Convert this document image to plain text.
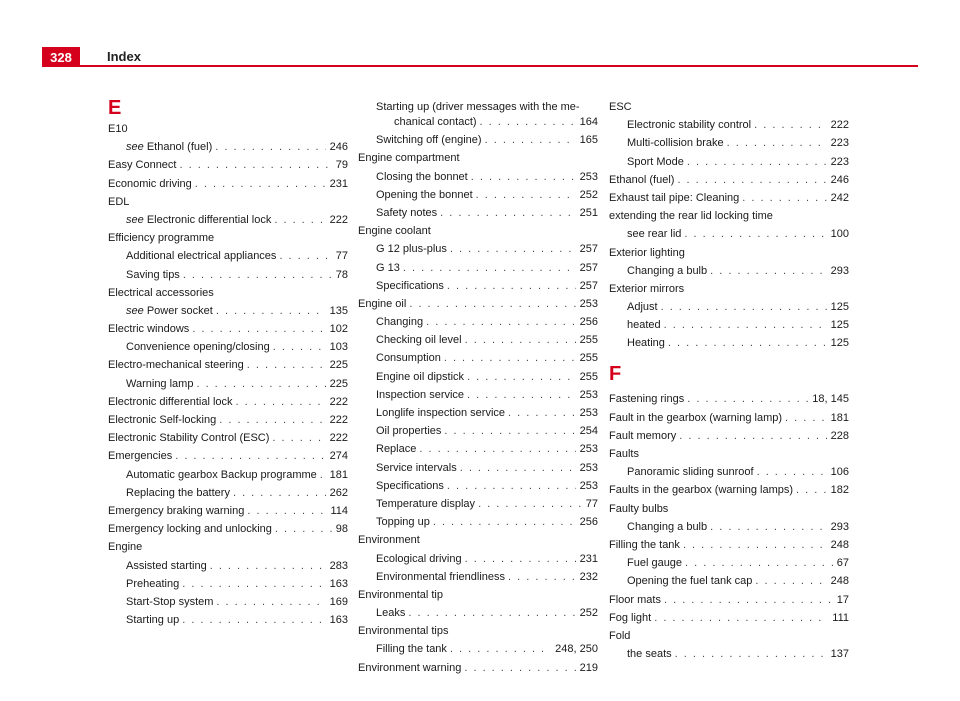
328	Index
E
E10
see Ethanol (fuel) . . .	246
Easy Connect . . .	79
Economic driving . . .	231
EDL
see Electronic differential lock . . .	222
Efficiency programme
Additional electrical appliances . . .	77
Saving tips . . .	78
Electrical accessories
see Power socket . . .	135
Electric windows . . .	102
Convenience opening/closing . . .	103
Electro-mechanical steering . . .	225
Warning lamp . . .	225
Electronic differential lock . . .	222
Electronic Self-locking . . .	222
Electronic Stability Control (ESC) . . .	222
Emergencies . . .	274
Automatic gearbox Backup programme . . .	181
Replacing the battery . . .	262
Emergency braking warning . . .	114
Emergency locking and unlocking . . .	98
Engine
Assisted starting . . .	283
Preheating . . .	163
Start-Stop system . . .	169
Starting up . . .	163
Starting up (driver messages with the me-
chanical contact) . . .	164
Switching off (engine) . . .	165
Engine compartment
Closing the bonnet . . .	253
Opening the bonnet . . .	252
Safety notes . . .	251
Engine coolant
G 12 plus-plus . . .	257
G 13 . . .	257
Specifications . . .	257
Engine oil . . .	253
Changing . . .	256
Checking oil level . . .	255
Consumption . . .	255
Engine oil dipstick . . .	255
Inspection service . . .	253
Longlife inspection service . . .	253
Oil properties . . .	254
Replace . . .	253
Service intervals . . .	253
Specifications . . .	253
Temperature display . . .	77
Topping up . . .	256
Environment
Ecological driving . . .	231
Environmental friendliness . . .	232
Environmental tip
Leaks . . .	252
Environmental tips
Filling the tank . . .	248, 250
Environment warning . . .	219
ESC
Electronic stability control . . .	222
Multi-collision brake . . .	223
Sport Mode . . .	223
Ethanol (fuel) . . .	246
Exhaust tail pipe: Cleaning . . .	242
extending the rear lid locking time
see rear lid . . .	100
Exterior lighting
Changing a bulb . . .	293
Exterior mirrors
Adjust . . .	125
heated . . .	125
Heating . . .	125
F
Fastening rings . . .	18, 145
Fault in the gearbox (warning lamp) . . .	181
Fault memory . . .	228
Faults
Panoramic sliding sunroof . . .	106
Faults in the gearbox (warning lamps) . . .	182
Faulty bulbs
Changing a bulb . . .	293
Filling the tank . . .	248
Fuel gauge . . .	67
Opening the fuel tank cap . . .	248
Floor mats . . .	17
Fog light . . .	111
Fold
the seats . . .	137
